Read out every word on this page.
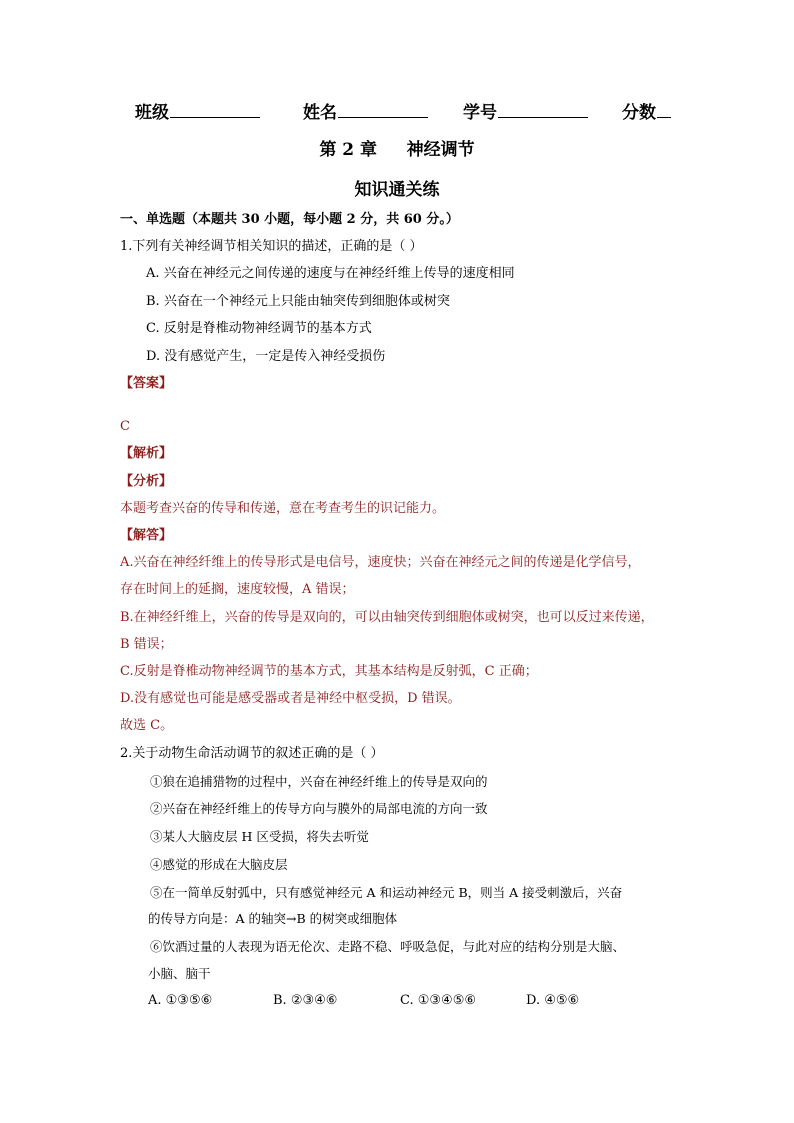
班级	姓名	学号	分数
第 2 章     神经调节
知识通关练
一、单选题（本题共 30 小题，每小题 2 分，共 60 分。）
1.下列有关神经调节相关知识的描述，正确的是（ ）
A. 兴奋在神经元之间传递的速度与在神经纤维上传导的速度相同
B. 兴奋在一个神经元上只能由轴突传到细胞体或树突
C. 反射是脊椎动物神经调节的基本方式
D. 没有感觉产生，一定是传入神经受损伤
【答案】
C
【解析】
【分析】
本题考查兴奋的传导和传递，意在考查考生的识记能力。
【解答】
A.兴奋在神经纤维上的传导形式是电信号，速度快；兴奋在神经元之间的传递是化学信号，
存在时间上的延搁，速度较慢，A 错误；
B.在神经纤维上，兴奋的传导是双向的，可以由轴突传到细胞体或树突，也可以反过来传递，
B 错误；
C.反射是脊椎动物神经调节的基本方式，其基本结构是反射弧，C 正确；
D.没有感觉也可能是感受器或者是神经中枢受损，D 错误。
故选 C。
2.关于动物生命活动调节的叙述正确的是（ ）
①狼在追捕猎物的过程中，兴奋在神经纤维上的传导是双向的
②兴奋在神经纤维上的传导方向与膜外的局部电流的方向一致
③某人大脑皮层 H 区受损，将失去听觉
④感觉的形成在大脑皮层
⑤在一简单反射弧中，只有感觉神经元 A 和运动神经元 B，则当 A 接受刺激后，兴奋
的传导方向是：A 的轴突→B 的树突或细胞体
⑥饮酒过量的人表现为语无伦次、走路不稳、呼吸急促，与此对应的结构分别是大脑、
小脑、脑干
A. ①③⑤⑥	B. ②③④⑥	C. ①③④⑤⑥	D. ④⑤⑥
